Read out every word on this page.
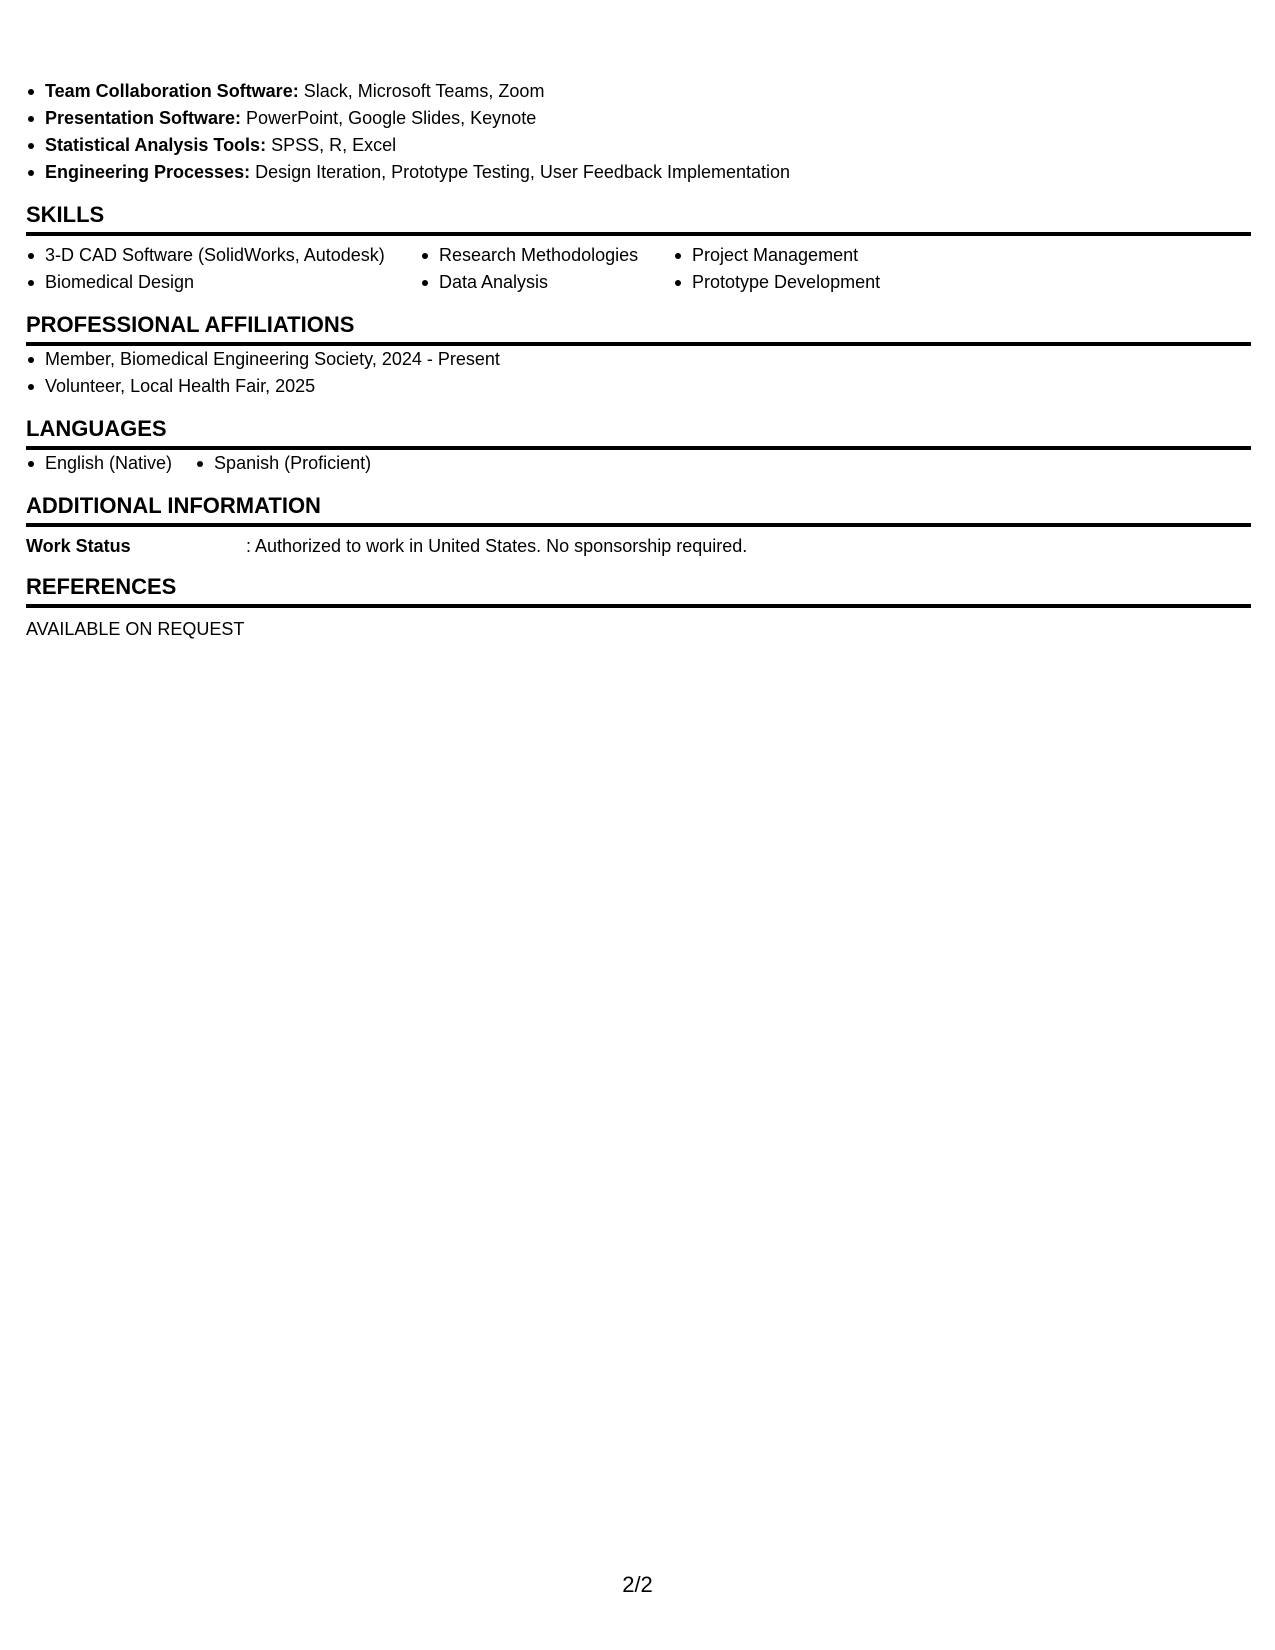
Team Collaboration Software: Slack, Microsoft Teams, Zoom
Presentation Software: PowerPoint, Google Slides, Keynote
Statistical Analysis Tools: SPSS, R, Excel
Engineering Processes: Design Iteration, Prototype Testing, User Feedback Implementation
SKILLS
3-D CAD Software (SolidWorks, Autodesk)
Biomedical Design
Research Methodologies
Data Analysis
Project Management
Prototype Development
PROFESSIONAL AFFILIATIONS
Member, Biomedical Engineering Society, 2024 - Present
Volunteer, Local Health Fair, 2025
LANGUAGES
English (Native)	Spanish (Proficient)
ADDITIONAL INFORMATION
Work Status	: Authorized to work in United States. No sponsorship required.
REFERENCES
AVAILABLE ON REQUEST
2/2
